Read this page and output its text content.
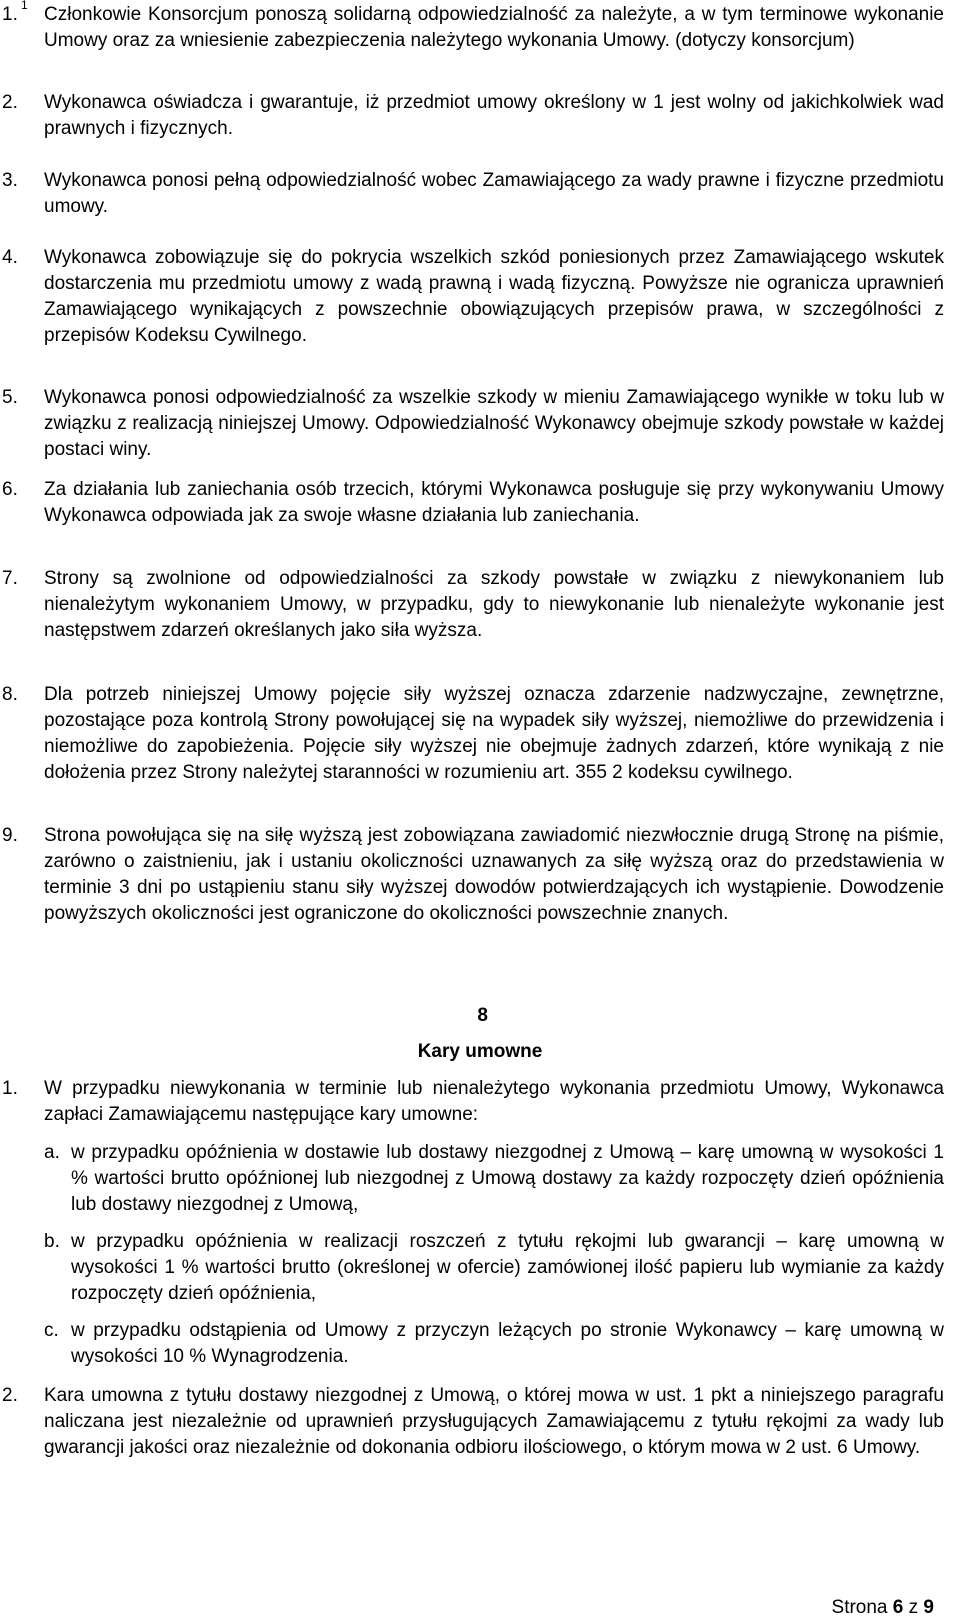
1. 1 Członkowie Konsorcjum ponoszą solidarną odpowiedzialność za należyte, a w tym terminowe wykonanie Umowy oraz za wniesienie zabezpieczenia należytego wykonania Umowy. (dotyczy konsorcjum)
2. Wykonawca oświadcza i gwarantuje, iż przedmiot umowy określony w 1 jest wolny od jakichkolwiek wad prawnych i fizycznych.
3. Wykonawca ponosi pełną odpowiedzialność wobec Zamawiającego za wady prawne i fizyczne przedmiotu umowy.
4. Wykonawca zobowiązuje się do pokrycia wszelkich szkód poniesionych przez Zamawiającego wskutek dostarczenia mu przedmiotu umowy z wadą prawną i wadą fizyczną. Powyższe nie ogranicza uprawnień Zamawiającego wynikających z powszechnie obowiązujących przepisów prawa, w szczególności z przepisów Kodeksu Cywilnego.
5. Wykonawca ponosi odpowiedzialność za wszelkie szkody w mieniu Zamawiającego wynikłe w toku lub w związku z realizacją niniejszej Umowy. Odpowiedzialność Wykonawcy obejmuje szkody powstałe w każdej postaci winy.
6. Za działania lub zaniechania osób trzecich, którymi Wykonawca posługuje się przy wykonywaniu Umowy Wykonawca odpowiada jak za swoje własne działania lub zaniechania.
7. Strony są zwolnione od odpowiedzialności za szkody powstałe w związku z niewykonaniem lub nienależytym wykonaniem Umowy, w przypadku, gdy to niewykonanie lub nienależyte wykonanie jest następstwem zdarzeń określanych jako siła wyższa.
8. Dla potrzeb niniejszej Umowy pojęcie siły wyższej oznacza zdarzenie nadzwyczajne, zewnętrzne, pozostające poza kontrolą Strony powołującej się na wypadek siły wyższej, niemożliwe do przewidzenia i niemożliwe do zapobieżenia. Pojęcie siły wyższej nie obejmuje żadnych zdarzeń, które wynikają z nie dołożenia przez Strony należytej staranności w rozumieniu art. 355 2 kodeksu cywilnego.
9. Strona powołująca się na siłę wyższą jest zobowiązana zawiadomić niezwłocznie drugą Stronę na piśmie, zarówno o zaistnieniu, jak i ustaniu okoliczności uznawanych za siłę wyższą oraz do przedstawienia w terminie 3 dni po ustąpieniu stanu siły wyższej dowodów potwierdzających ich wystąpienie. Dowodzenie powyższych okoliczności jest ograniczone do okoliczności powszechnie znanych.
8
Kary umowne
1. W przypadku niewykonania w terminie lub nienależytego wykonania przedmiotu Umowy, Wykonawca zapłaci Zamawiającemu następujące kary umowne:
a. w przypadku opóźnienia w dostawie lub dostawy niezgodnej z Umową – karę umowną w wysokości 1 % wartości brutto opóźnionej lub niezgodnej z Umową dostawy za każdy rozpoczęty dzień opóźnienia lub dostawy niezgodnej z Umową,
b. w przypadku opóźnienia w realizacji roszczeń z tytułu rękojmi lub gwarancji – karę umowną w wysokości 1 % wartości brutto (określonej w ofercie) zamówionej ilość papieru lub wymianie za każdy rozpoczęty dzień opóźnienia,
c. w przypadku odstąpienia od Umowy z przyczyn leżących po stronie Wykonawcy – karę umowną w wysokości 10 % Wynagrodzenia.
2. Kara umowna z tytułu dostawy niezgodnej z Umową, o której mowa w ust. 1 pkt a niniejszego paragrafu naliczana jest niezależnie od uprawnień przysługujących Zamawiającemu z tytułu rękojmi za wady lub gwarancji jakości oraz niezależnie od dokonania odbioru ilościowego, o którym mowa w 2 ust. 6 Umowy.
Strona 6 z 9
